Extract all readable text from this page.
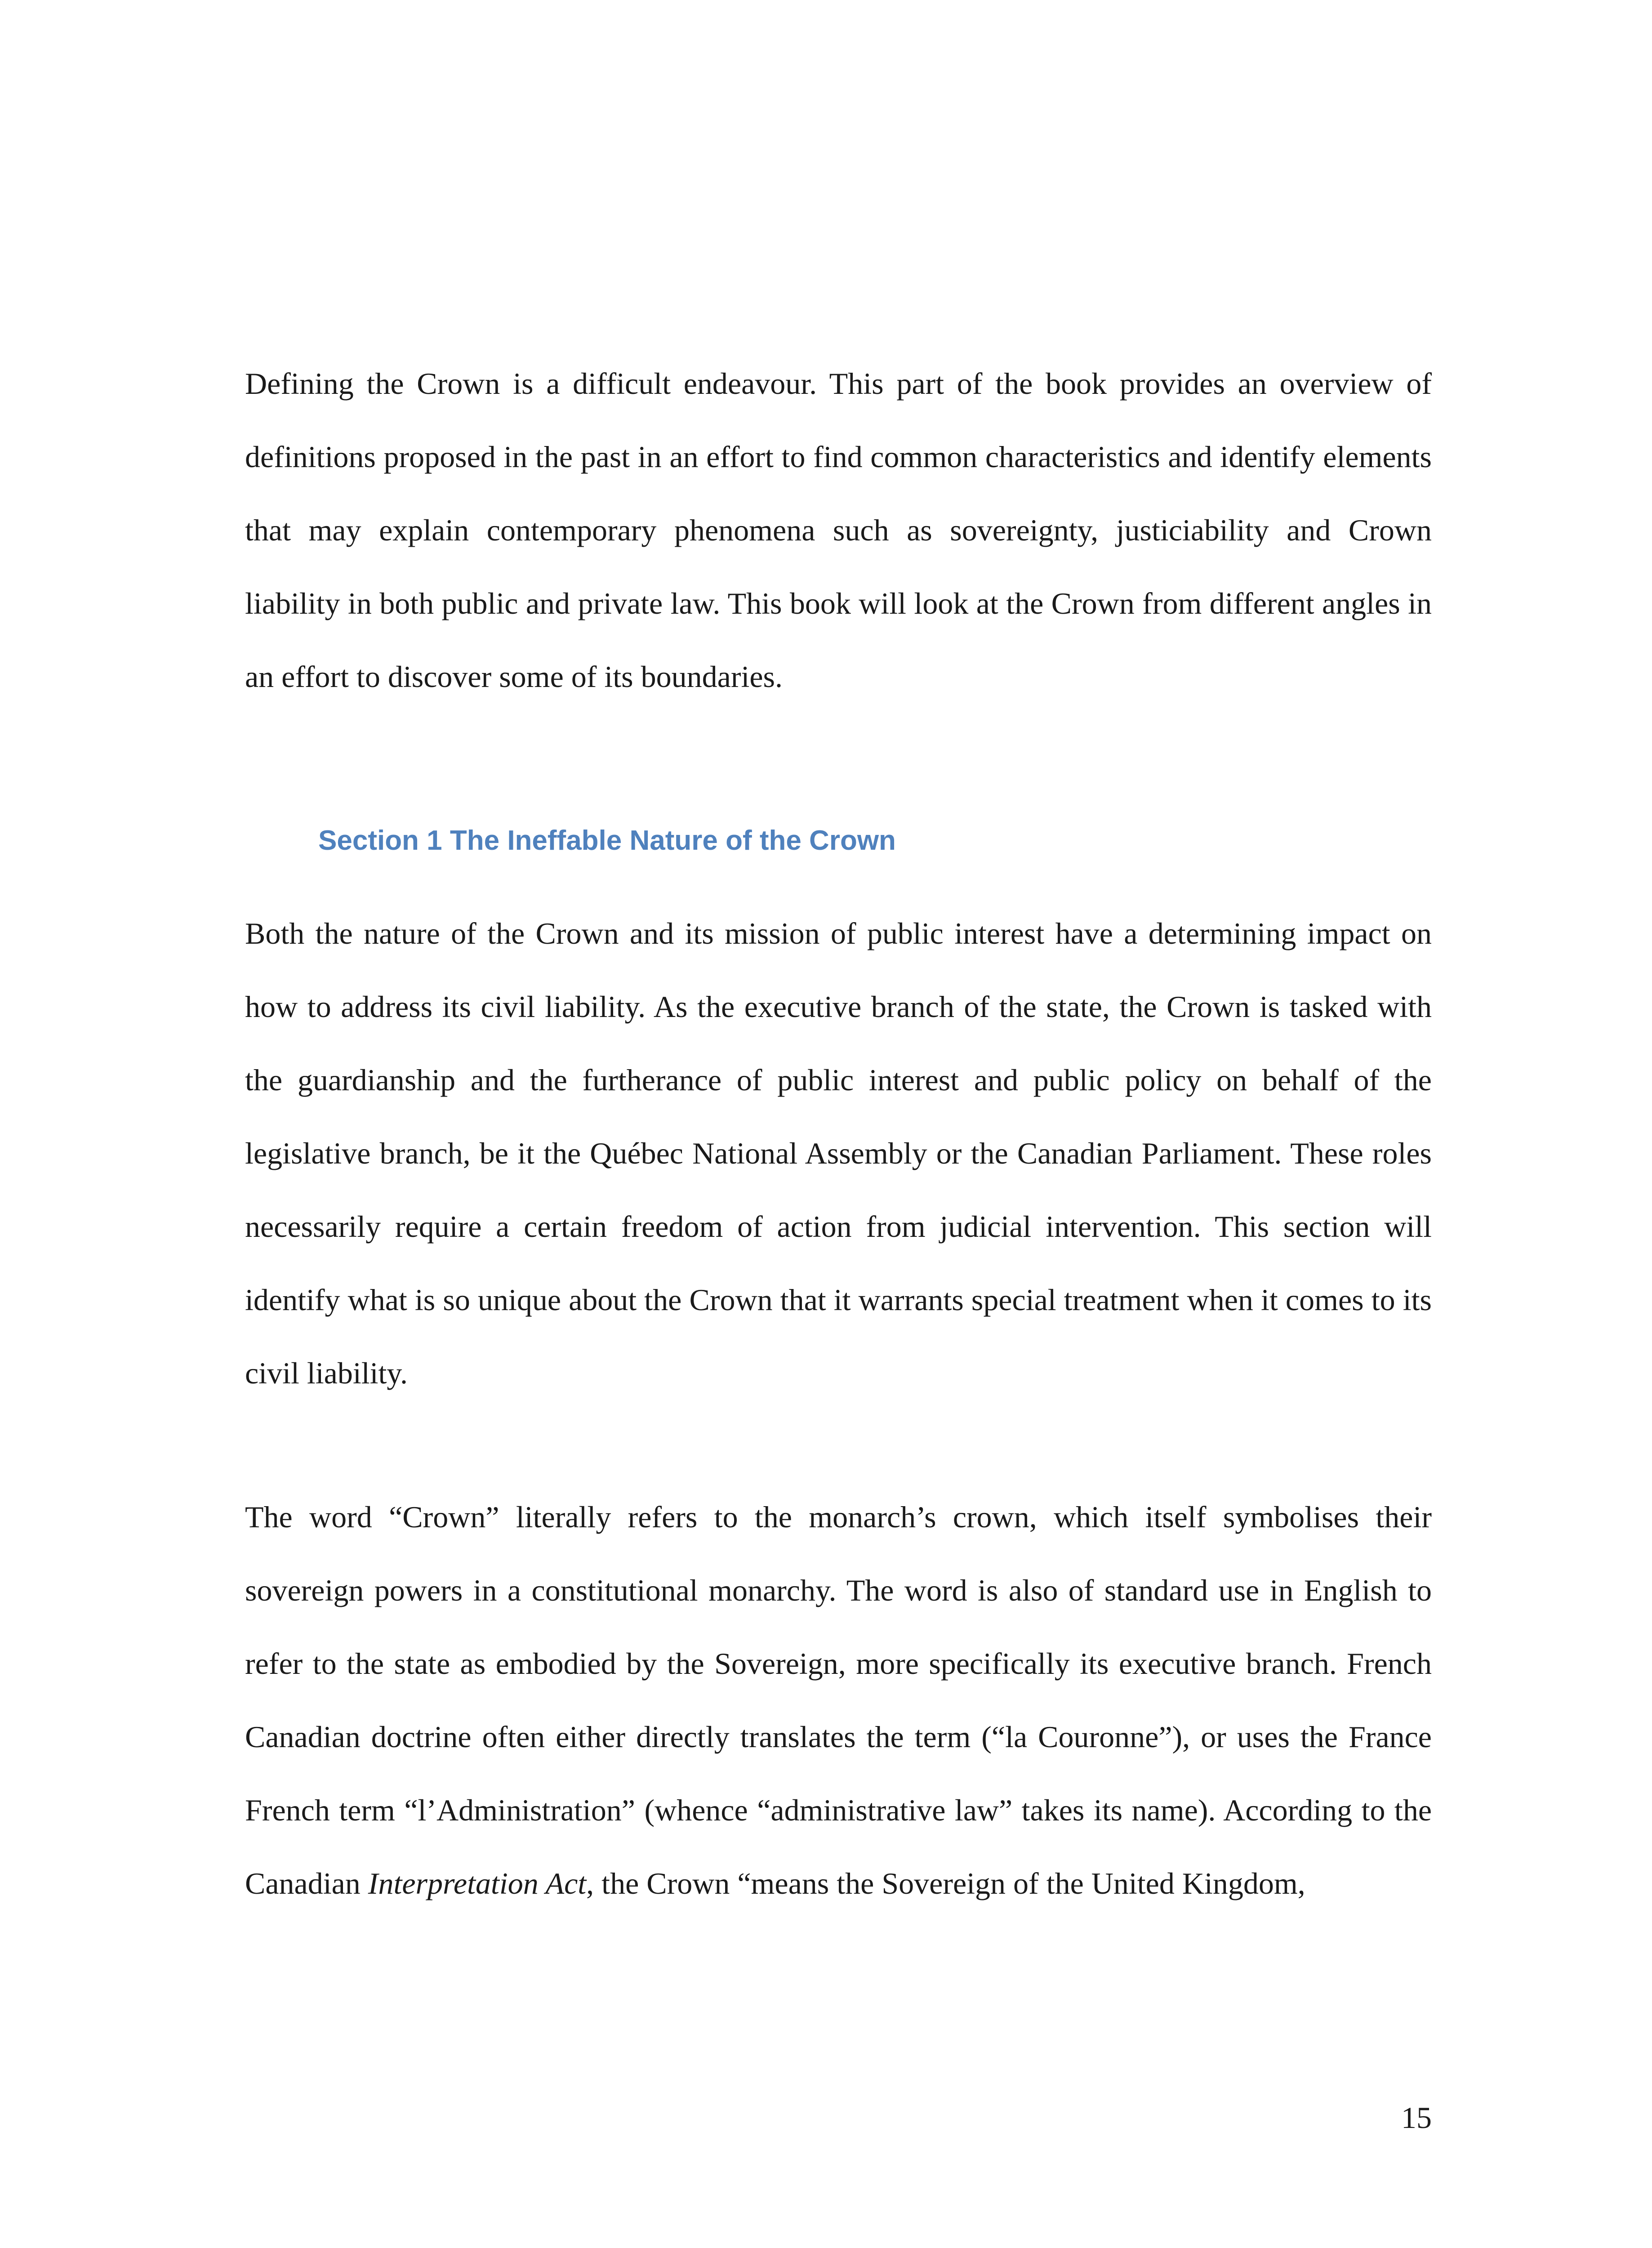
Defining the Crown is a difficult endeavour. This part of the book provides an overview of definitions proposed in the past in an effort to find common characteristics and identify elements that may explain contemporary phenomena such as sovereignty, justiciability and Crown liability in both public and private law. This book will look at the Crown from different angles in an effort to discover some of its boundaries.

Section 1 The Ineffable Nature of the Crown

Both the nature of the Crown and its mission of public interest have a determining impact on how to address its civil liability. As the executive branch of the state, the Crown is tasked with the guardianship and the furtherance of public interest and public policy on behalf of the legislative branch, be it the Québec National Assembly or the Canadian Parliament. These roles necessarily require a certain freedom of action from judicial intervention. This section will identify what is so unique about the Crown that it warrants special treatment when it comes to its civil liability.

The word “Crown” literally refers to the monarch’s crown, which itself symbolises their sovereign powers in a constitutional monarchy. The word is also of standard use in English to refer to the state as embodied by the Sovereign, more specifically its executive branch. French Canadian doctrine often either directly translates the term (“la Couronne”), or uses the France French term “l’Administration” (whence “administrative law” takes its name). According to the Canadian Interpretation Act, the Crown “means the Sovereign of the United Kingdom,

15
